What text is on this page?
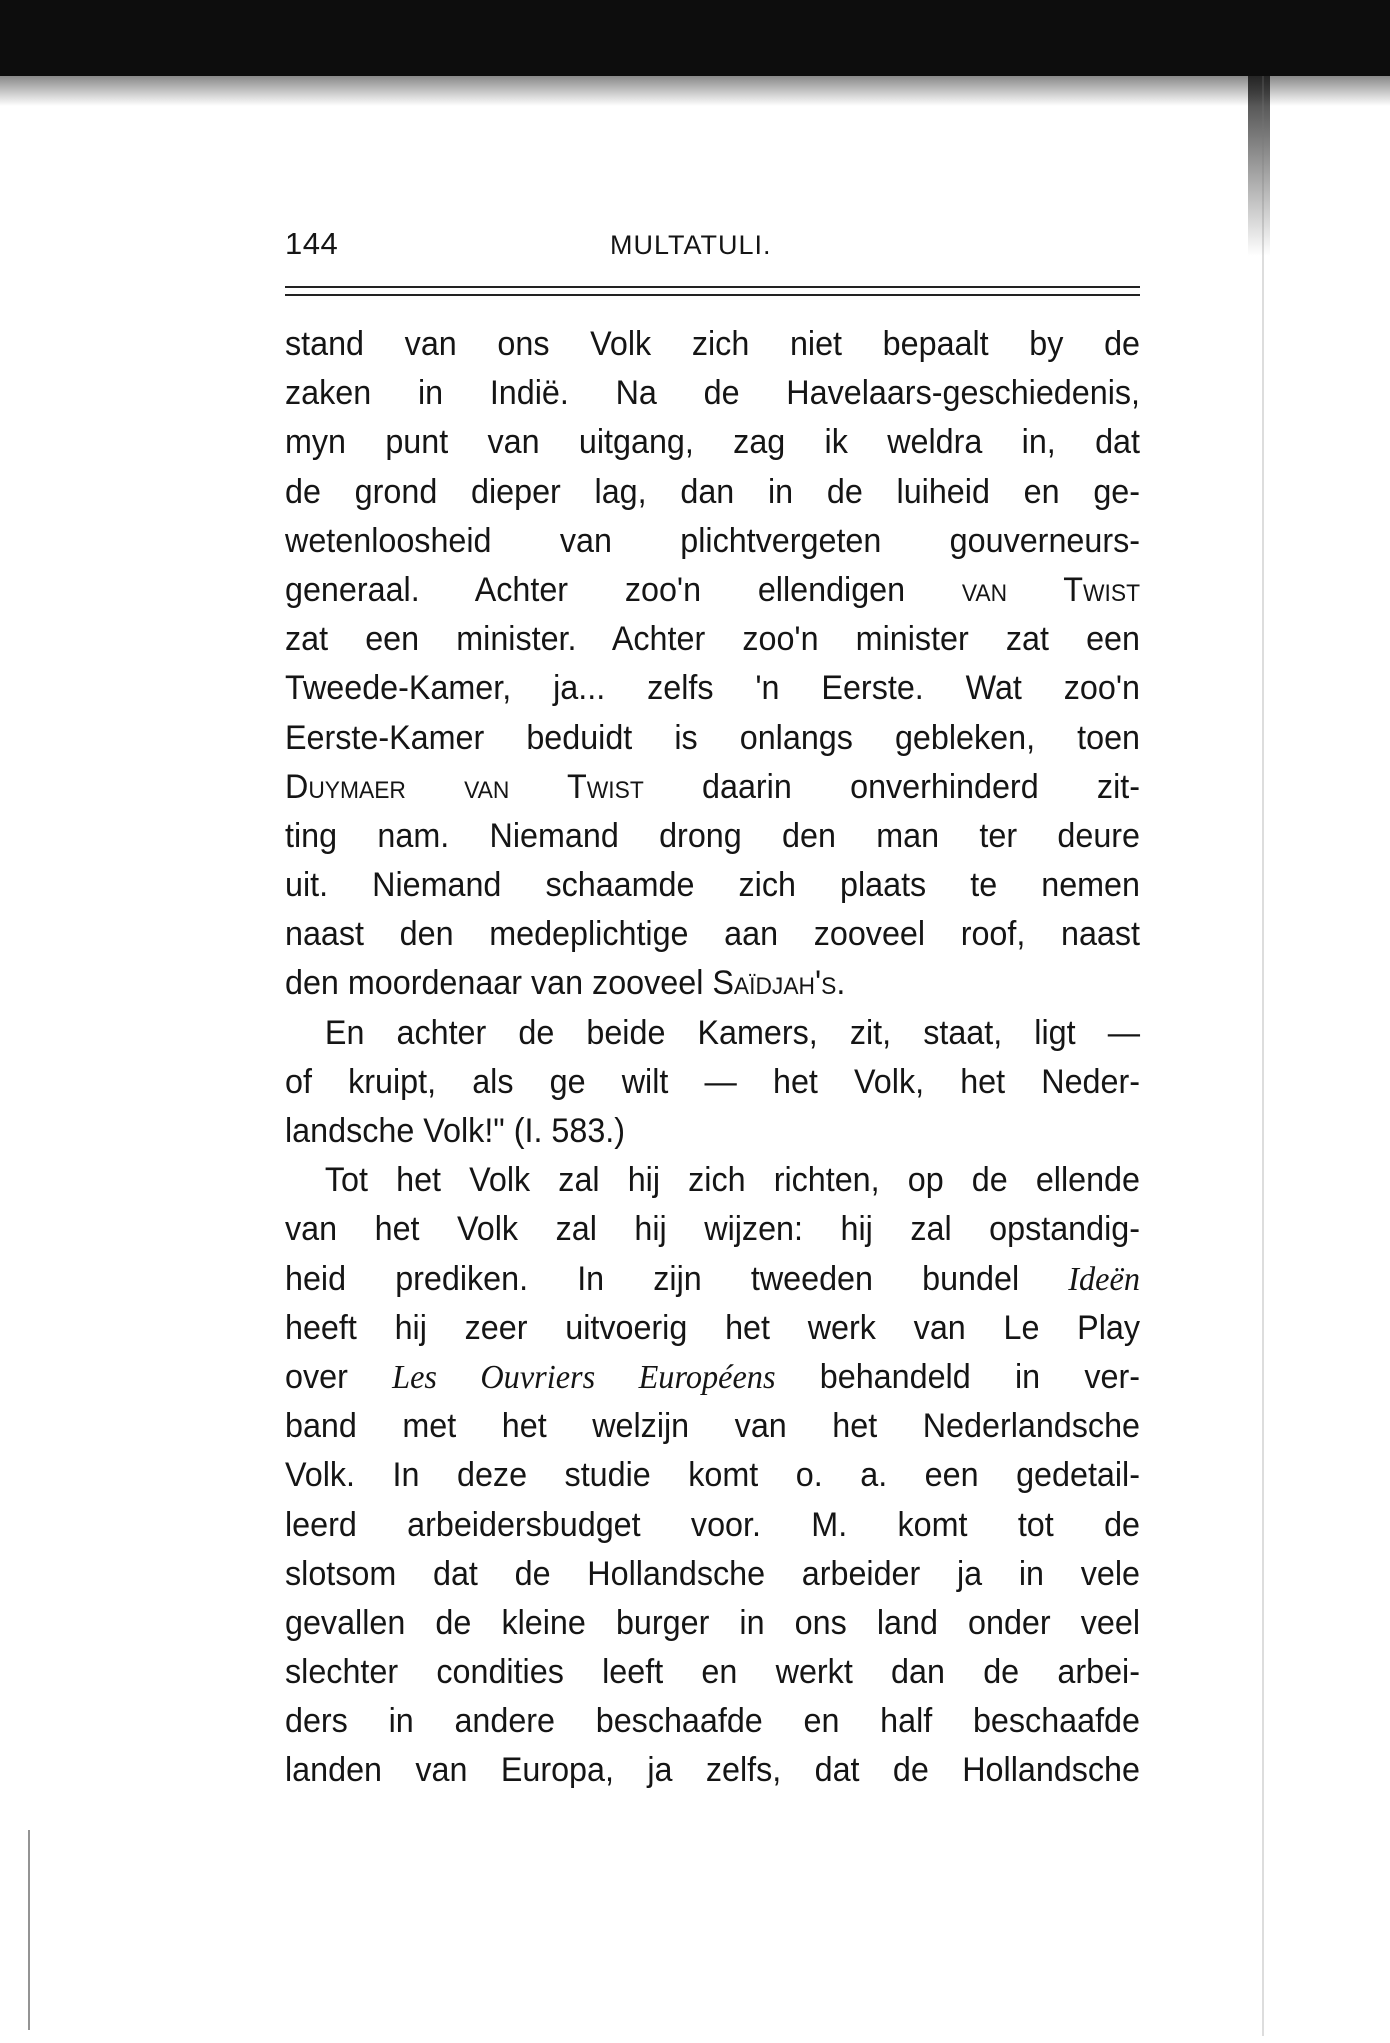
144	MULTATULI.
stand van ons Volk zich niet bepaalt by de
zaken in Indië. Na de Havelaars-geschiedenis,
myn punt van uitgang, zag ik weldra in, dat
de grond dieper lag, dan in de luiheid en ge-
wetenloosheid van plichtvergeten gouverneurs-
generaal. Achter zoo'n ellendigen van Twist
zat een minister. Achter zoo'n minister zat een
Tweede-Kamer, ja... zelfs 'n Eerste. Wat zoo'n
Eerste-Kamer beduidt is onlangs gebleken, toen
Duymaer van Twist daarin onverhinderd zit-
ting nam. Niemand drong den man ter deure
uit. Niemand schaamde zich plaats te nemen
naast den medeplichtige aan zooveel roof, naast
den moordenaar van zooveel Saïdjah's.
En achter de beide Kamers, zit, staat, ligt —
of kruipt, als ge wilt — het Volk, het Neder-
landsche Volk!" (I. 583.)
Tot het Volk zal hij zich richten, op de ellende
van het Volk zal hij wijzen: hij zal opstandig-
heid prediken. In zijn tweeden bundel Ideën
heeft hij zeer uitvoerig het werk van Le Play
over Les Ouvriers Européens behandeld in ver-
band met het welzijn van het Nederlandsche
Volk. In deze studie komt o. a. een gedetail-
leerd arbeidersbudget voor. M. komt tot de
slotsom dat de Hollandsche arbeider ja in vele
gevallen de kleine burger in ons land onder veel
slechter condities leeft en werkt dan de arbei-
ders in andere beschaafde en half beschaafde
landen van Europa, ja zelfs, dat de Hollandsche
